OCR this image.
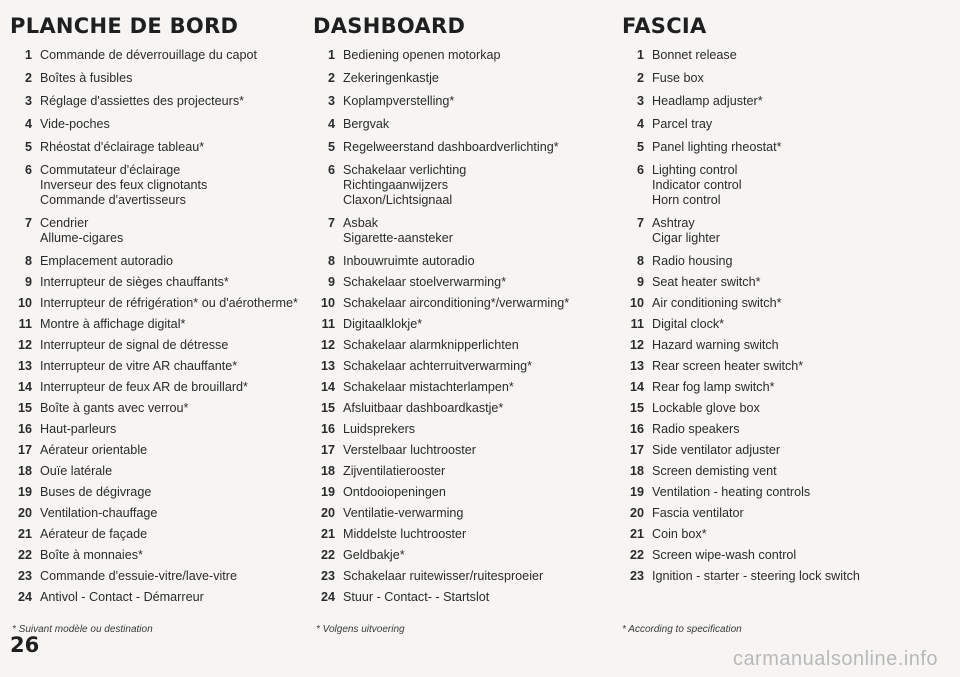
PLANCHE DE BORD
1 Commande de déverrouillage du capot
2 Boîtes à fusibles
3 Réglage d'assiettes des projecteurs*
4 Vide-poches
5 Rhéostat d'éclairage tableau*
6 Commutateur d'éclairage
Inverseur des feux clignotants
Commande d'avertisseurs
7 Cendrier
Allume-cigares
8 Emplacement autoradio
9 Interrupteur de sièges chauffants*
10 Interrupteur de réfrigération* ou d'aérotherme*
11 Montre à affichage digital*
12 Interrupteur de signal de détresse
13 Interrupteur de vitre AR chauffante*
14 Interrupteur de feux AR de brouillard*
15 Boîte à gants avec verrou*
16 Haut-parleurs
17 Aérateur orientable
18 Ouïe latérale
19 Buses de dégivrage
20 Ventilation-chauffage
21 Aérateur de façade
22 Boîte à monnaies*
23 Commande d'essuie-vitre/lave-vitre
24 Antivol - Contact - Démarreur
DASHBOARD
1 Bediening openen motorkap
2 Zekeringenkastje
3 Koplampverstelling*
4 Bergvak
5 Regelweerstand dashboardverlichting*
6 Schakelaar verlichting
Richtingaanwijzers
Claxon/Lichtsignaal
7 Asbak
Sigarette-aansteker
8 Inbouwruimte autoradio
9 Schakelaar stoelverwarming*
10 Schakelaar airconditioning*/verwarming*
11 Digitaalklokje*
12 Schakelaar alarmknipperlichten
13 Schakelaar achterruitverwarming*
14 Schakelaar mistachterlampen*
15 Afsluitbaar dashboardkastje*
16 Luidsprekers
17 Verstelbaar luchtrooster
18 Zijventilatierooster
19 Ontdooiopeningen
20 Ventilatie-verwarming
21 Middelste luchtrooster
22 Geldbakje*
23 Schakelaar ruitewisser/ruitesproeier
24 Stuur - Contact- - Startslot
FASCIA
1 Bonnet release
2 Fuse box
3 Headlamp adjuster*
4 Parcel tray
5 Panel lighting rheostat*
6 Lighting control
Indicator control
Horn control
7 Ashtray
Cigar lighter
8 Radio housing
9 Seat heater switch*
10 Air conditioning switch*
11 Digital clock*
12 Hazard warning switch
13 Rear screen heater switch*
14 Rear fog lamp switch*
15 Lockable glove box
16 Radio speakers
17 Side ventilator adjuster
18 Screen demisting vent
19 Ventilation - heating controls
20 Fascia ventilator
21 Coin box*
22 Screen wipe-wash control
23 Ignition - starter - steering lock switch
* Suivant modèle ou destination	* Volgens uitvoering	* According to specification
26
carmanualsonline.info
